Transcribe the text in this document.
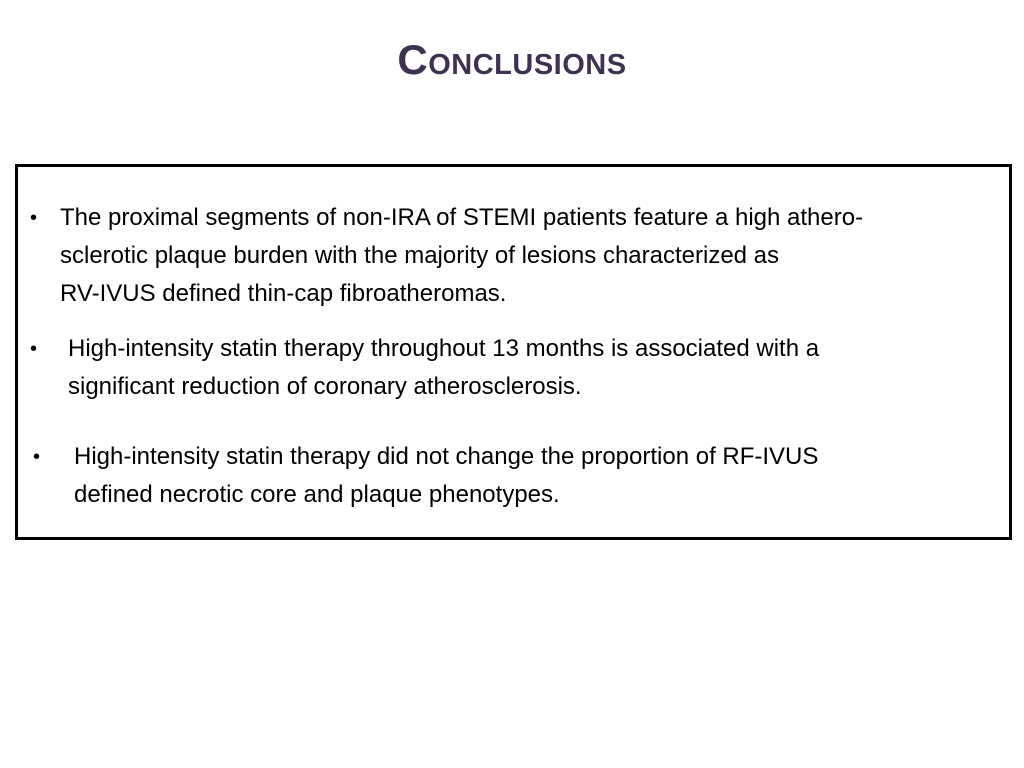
Conclusions
• The proximal segments of non-IRA of STEMI patients feature a high athero-
sclerotic plaque burden with the majority of lesions characterized as
RV-IVUS defined thin-cap fibroatheromas.
• High-intensity statin therapy throughout 13 months is associated with a
significant reduction of coronary atherosclerosis.
• High-intensity statin therapy did not change the proportion of RF-IVUS
defined necrotic core and plaque phenotypes.
